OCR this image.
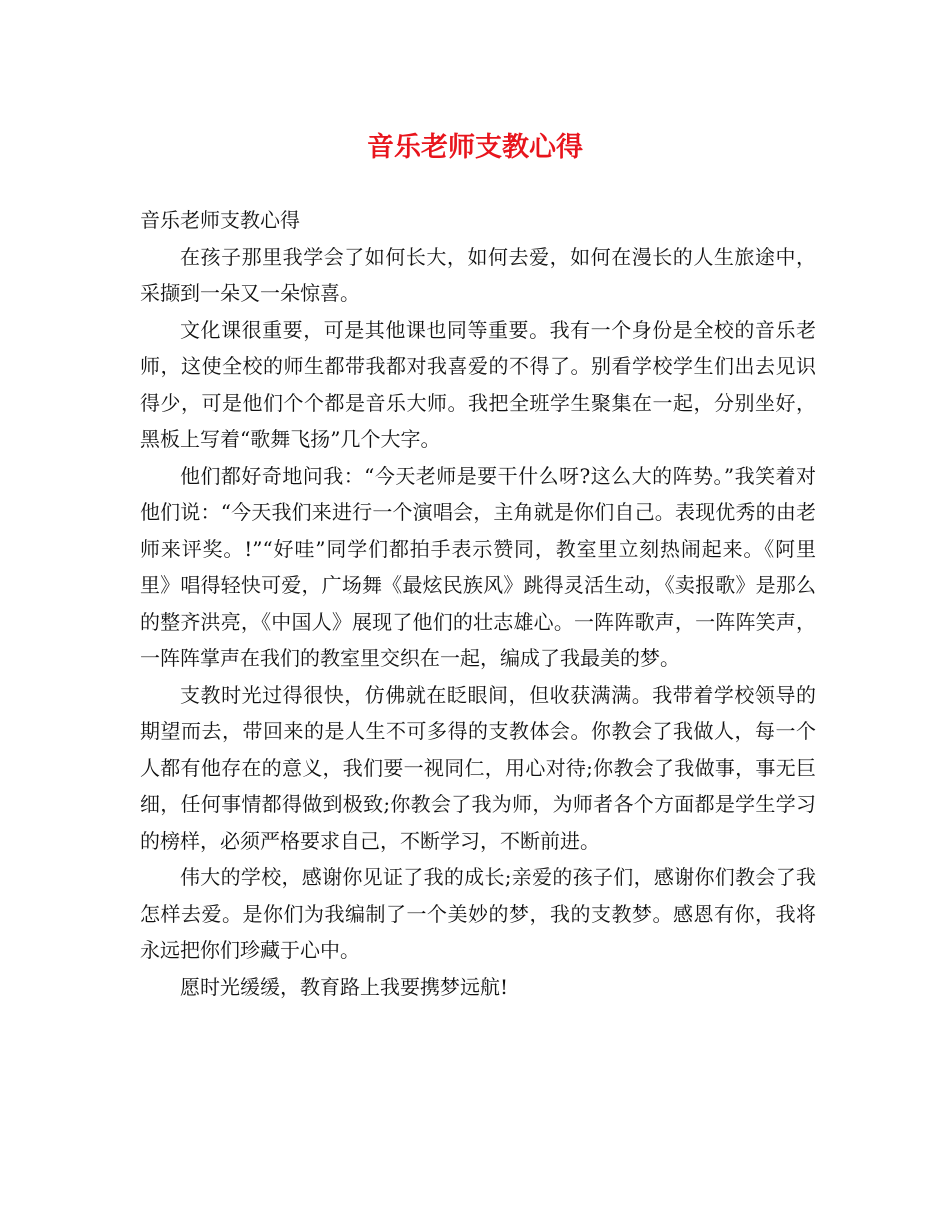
音乐老师支教心得

音乐老师支教心得

在孩子那里我学会了如何长大，如何去爱，如何在漫长的人生旅途中，采撷到一朵又一朵惊喜。

文化课很重要，可是其他课也同等重要。我有一个身份是全校的音乐老师，这使全校的师生都带我都对我喜爱的不得了。别看学校学生们出去见识得少，可是他们个个都是音乐大师。我把全班学生聚集在一起，分别坐好，黑板上写着“歌舞飞扬”几个大字。

他们都好奇地问我：“今天老师是要干什么呀?这么大的阵势。”我笑着对他们说：“今天我们来进行一个演唱会，主角就是你们自己。表现优秀的由老师来评奖。!”“好哇”同学们都拍手表示赞同，教室里立刻热闹起来。《阿里里》唱得轻快可爱，广场舞《最炫民族风》跳得灵活生动，《卖报歌》是那么的整齐洪亮，《中国人》展现了他们的壮志雄心。一阵阵歌声，一阵阵笑声，一阵阵掌声在我们的教室里交织在一起，编成了我最美的梦。

支教时光过得很快，仿佛就在眨眼间，但收获满满。我带着学校领导的期望而去，带回来的是人生不可多得的支教体会。你教会了我做人，每一个人都有他存在的意义，我们要一视同仁，用心对待;你教会了我做事，事无巨细，任何事情都得做到极致;你教会了我为师，为师者各个方面都是学生学习的榜样，必须严格要求自己，不断学习，不断前进。

伟大的学校，感谢你见证了我的成长;亲爱的孩子们，感谢你们教会了我怎样去爱。是你们为我编制了一个美妙的梦，我的支教梦。感恩有你，我将永远把你们珍藏于心中。

愿时光缓缓，教育路上我要携梦远航!
